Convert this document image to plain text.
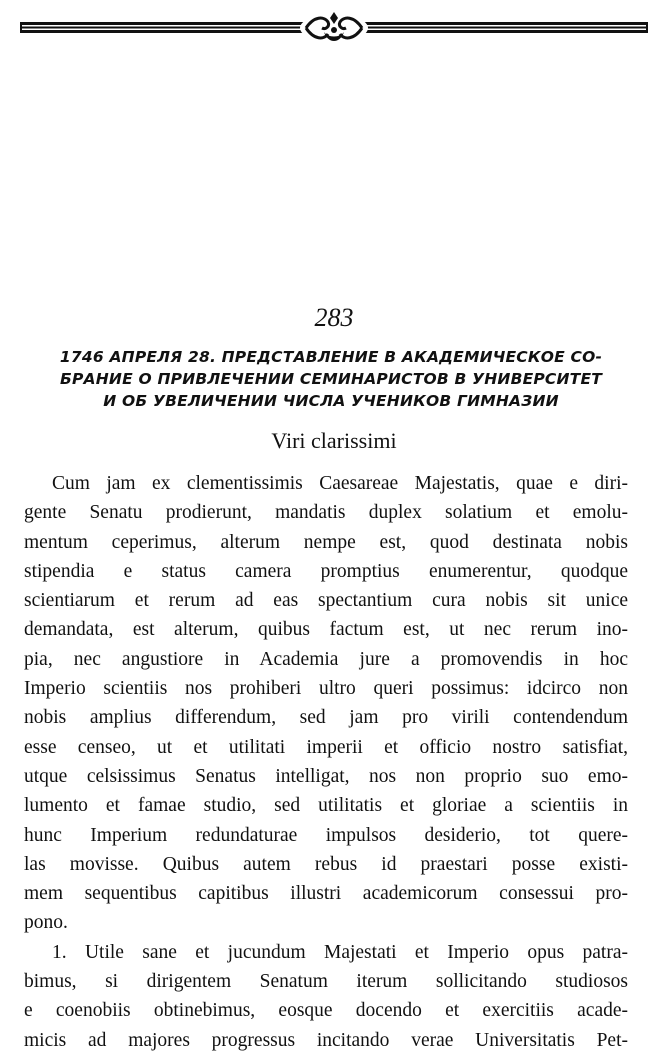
283
1746 АПРЕЛЯ 28. ПРЕДСТАВЛЕНИЕ В АКАДЕМИЧЕСКОЕ СО-
БРАНИЕ О ПРИВЛЕЧЕНИИ СЕМИНАРИСТОВ В УНИВЕРСИТЕТ
И ОБ УВЕЛИЧЕНИИ ЧИСЛА УЧЕНИКОВ ГИМНАЗИИ
Viri clarissimi
Cum jam ex clementissimis Caesareae Majestatis, quae e diri-
gente Senatu prodierunt, mandatis duplex solatium et emolu-
mentum ceperimus, alterum nempe est, quod destinata nobis
stipendia e status camera promptius enumerentur, quodque
scientiarum et rerum ad eas spectantium cura nobis sit unice
demandata, est alterum, quibus factum est, ut nec rerum ino-
pia, nec angustiore in Academia jure a promovendis in hoc
Imperio scientiis nos prohiberi ultro queri possimus: idcirco non
nobis amplius differendum, sed jam pro virili contendendum
esse censeo, ut et utilitati imperii et officio nostro satisfiat,
utque celsissimus Senatus intelligat, nos non proprio suo emo-
lumento et famae studio, sed utilitatis et gloriae a scientiis in
hunc Imperium redundaturae impulsos desiderio, tot quere-
las movisse. Quibus autem rebus id praestari posse existi-
mem sequentibus capitibus illustri academicorum consessui pro-
pono.
1. Utile sane et jucundum Majestati et Imperio opus patra-
bimus, si dirigentem Senatum iterum sollicitando studiosos
e coenobiis obtinebimus, eosque docendo et exercitiis acade-
micis ad majores progressus incitando verae Universitatis Pet-
